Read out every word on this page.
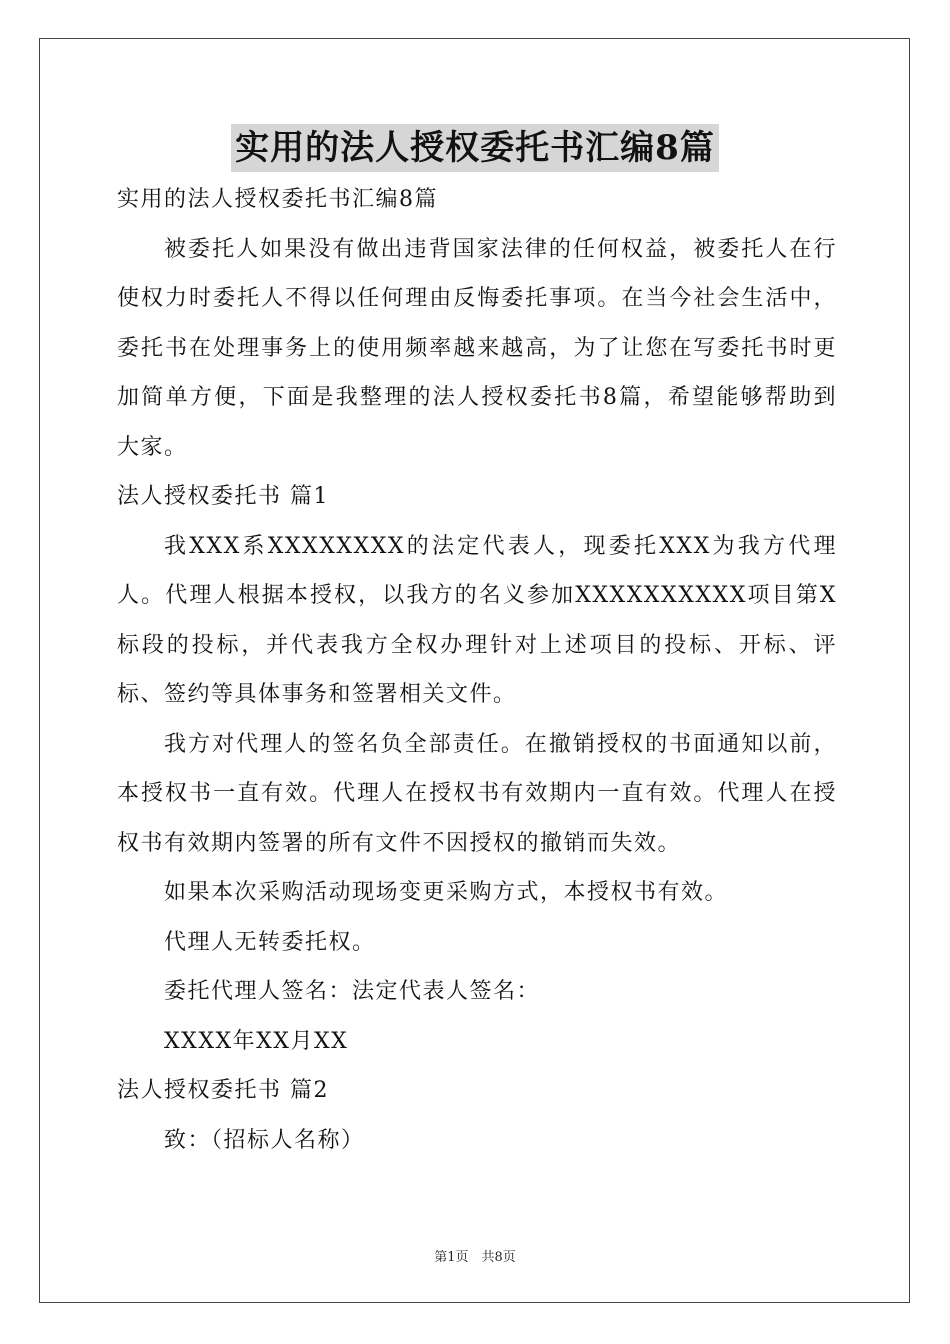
实用的法人授权委托书汇编8篇

实用的法人授权委托书汇编8篇

被委托人如果没有做出违背国家法律的任何权益，被委托人在行使权力时委托人不得以任何理由反悔委托事项。在当今社会生活中，委托书在处理事务上的使用频率越来越高，为了让您在写委托书时更加简单方便，下面是我整理的法人授权委托书8篇，希望能够帮助到大家。

法人授权委托书 篇1

我XXX系XXXXXXXX的法定代表人，现委托XXX为我方代理人。代理人根据本授权，以我方的名义参加XXXXXXXXXX项目第X标段的投标，并代表我方全权办理针对上述项目的投标、开标、评标、签约等具体事务和签署相关文件。

我方对代理人的签名负全部责任。在撤销授权的书面通知以前，本授权书一直有效。代理人在授权书有效期内一直有效。代理人在授权书有效期内签署的所有文件不因授权的撤销而失效。

如果本次采购活动现场变更采购方式，本授权书有效。

代理人无转委托权。

委托代理人签名：法定代表人签名：

XXXX年XX月XX

法人授权委托书 篇2

致：（招标人名称）

第1页　共8页
